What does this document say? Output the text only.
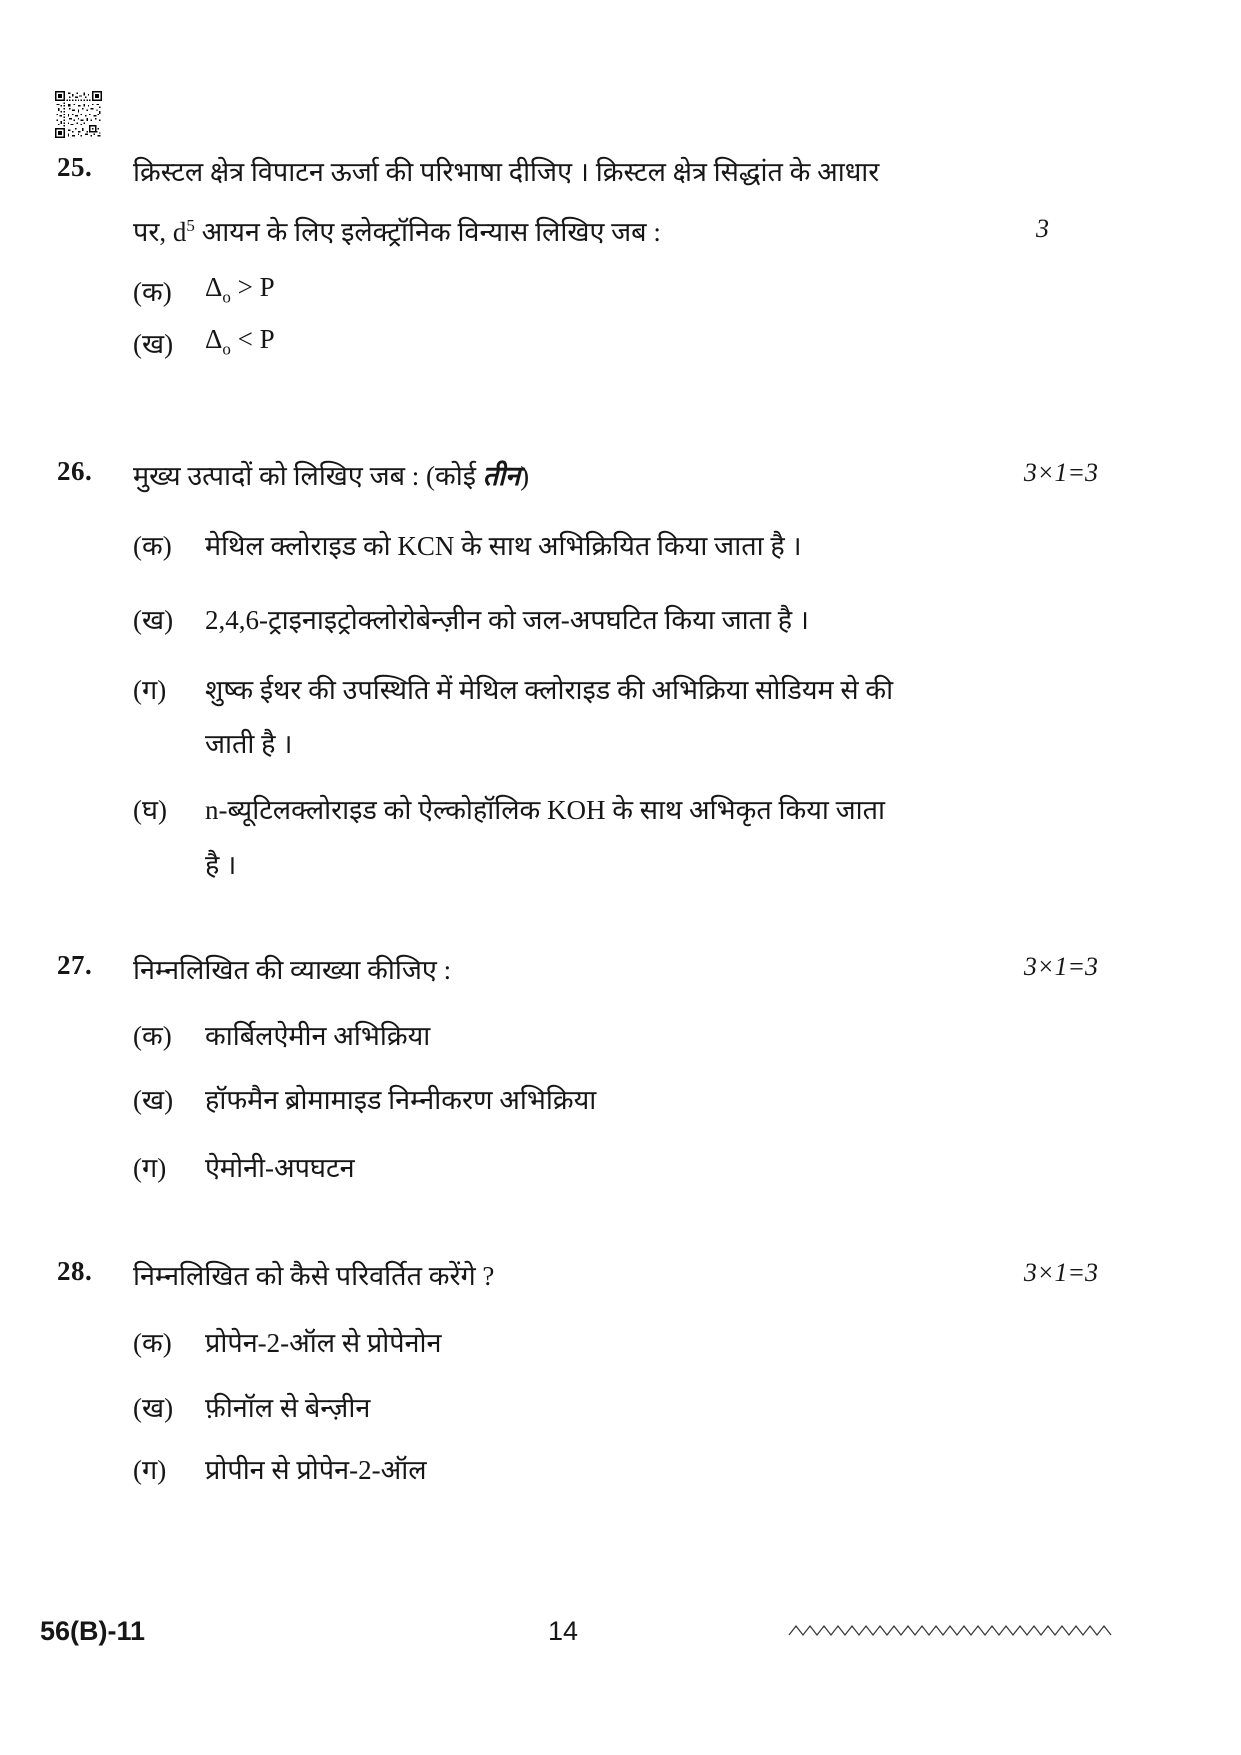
25. क्रिस्टल क्षेत्र विपाटन ऊर्जा की परिभाषा दीजिए । क्रिस्टल क्षेत्र सिद्धांत के आधार
पर, $d^5$ आयन के लिए इलेक्ट्रॉनिक विन्यास लिखिए जब :	3
(क) $\Delta_o > P$
(ख) $\Delta_o < P$
26. मुख्य उत्पादों को लिखिए जब : (कोई तीन)	3×1=3
(क) मेथिल क्लोराइड को KCN के साथ अभिक्रियित किया जाता है ।
(ख) 2,4,6-ट्राइनाइट्रोक्लोरोबेन्ज़ीन को जल-अपघटित किया जाता है ।
(ग) शुष्क ईथर की उपस्थिति में मेथिल क्लोराइड की अभिक्रिया सोडियम से की
जाती है ।
(घ) n-ब्यूटिलक्लोराइड को ऐल्कोहॉलिक KOH के साथ अभिकृत किया जाता
है ।
27. निम्नलिखित की व्याख्या कीजिए :	3×1=3
(क) कार्बिलऐमीन अभिक्रिया
(ख) हॉफमैन ब्रोमामाइड निम्नीकरण अभिक्रिया
(ग) ऐमोनी-अपघटन
28. निम्नलिखित को कैसे परिवर्तित करेंगे ?	3×1=3
(क) प्रोपेन-2-ऑल से प्रोपेनोन
(ख) फ़ीनॉल से बेन्ज़ीन
(ग) प्रोपीन से प्रोपेन-2-ऑल
56(B)-11	14
